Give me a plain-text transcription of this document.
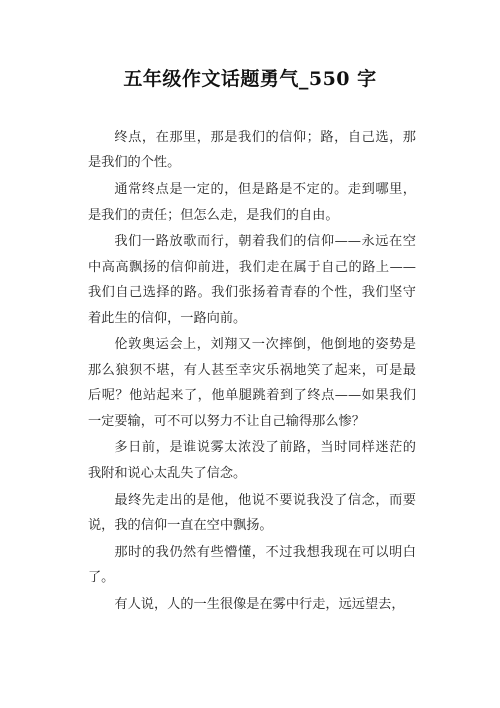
五年级作文话题勇气_550 字

终点，在那里，那是我们的信仰；路，自己选，那是我们的个性。

通常终点是一定的，但是路是不定的。走到哪里，是我们的责任；但怎么走，是我们的自由。

我们一路放歌而行，朝着我们的信仰——永远在空中高高飘扬的信仰前进，我们走在属于自己的路上——我们自己选择的路。我们张扬着青春的个性，我们坚守着此生的信仰，一路向前。

伦敦奥运会上，刘翔又一次摔倒，他倒地的姿势是那么狼狈不堪，有人甚至幸灾乐祸地笑了起来，可是最后呢？他站起来了，他单腿跳着到了终点——如果我们一定要输，可不可以努力不让自己输得那么惨？

多日前，是谁说雾太浓没了前路，当时同样迷茫的我附和说心太乱失了信念。

最终先走出的是他，他说不要说我没了信念，而要说，我的信仰一直在空中飘扬。

那时的我仍然有些懵懂，不过我想我现在可以明白了。

有人说，人的一生很像是在雾中行走，远远望去，
